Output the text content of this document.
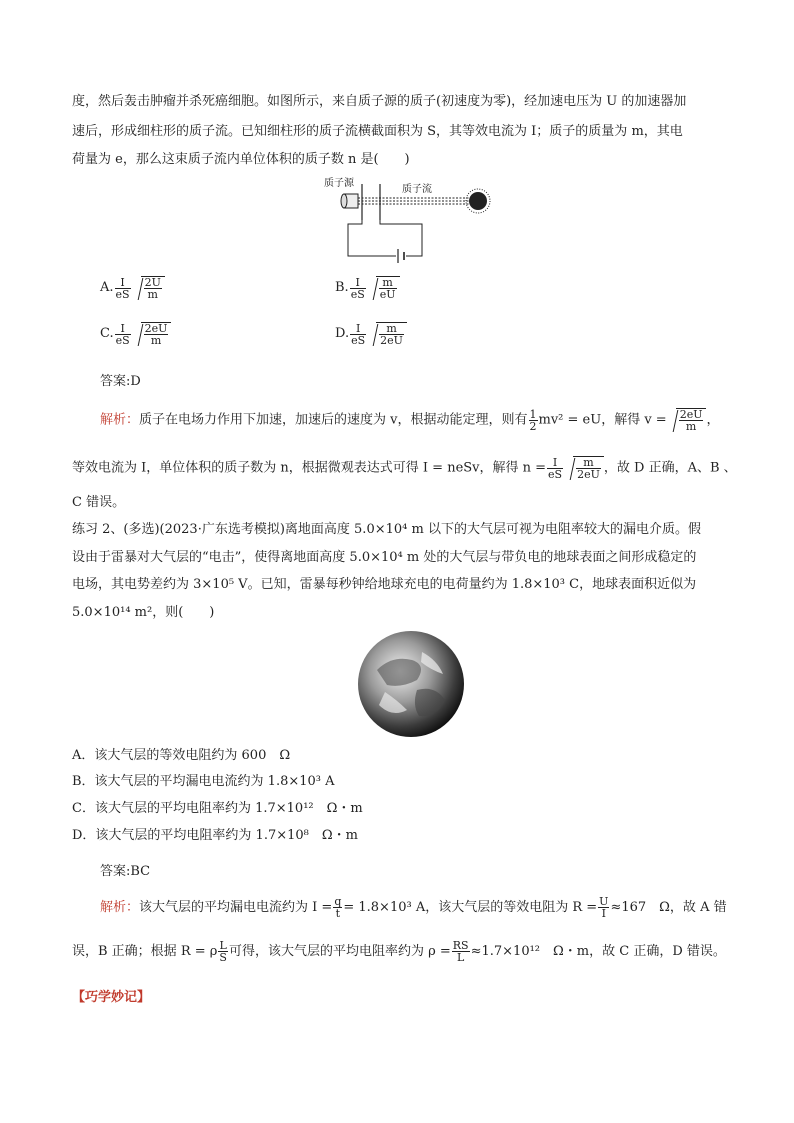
度，然后轰击肿瘤并杀死癌细胞。如图所示，来自质子源的质子(初速度为零)，经加速电压为 U 的加速器加
速后，形成细柱形的质子流。已知细柱形的质子流横截面积为 S，其等效电流为 I；质子的质量为 m，其电
荷量为 e，那么这束质子流内单位体积的质子数 n 是(　　)
质子源
质子流
A. $\frac{I}{eS} \frac{2U}{m}$	B. $\frac{I}{eS} \frac{m}{eU}$
C. $\frac{I}{eS} \frac{2eU}{m}$	D. $\frac{I}{eS} \frac{m}{2eU}$
答案:D
解析：质子在电场力作用下加速，加速后的速度为 v，根据动能定理，则有 $\frac{1}{2} mv^2$ = eU，解得 $v = \frac{2eU}{m}$ ，
等效电流为 I，单位体积的质子数为 n，根据微观表达式可得 I = neSv，解得 $n = \frac{I}{eS} \frac{m}{2eU}$ ，故 D 正确，A、B 、
C 错误。
练习 2、(多选)(2023·广东选考模拟)离地面高度 5.0×10⁴ m 以下的大气层可视为电阻率较大的漏电介质。假
设由于雷暴对大气层的“电击”，使得离地面高度 5.0×10⁴ m 处的大气层与带负电的地球表面之间形成稳定的
电场，其电势差约为 3×10⁵ V。已知，雷暴每秒钟给地球充电的电荷量约为 1.8×10³ C，地球表面积近似为
5.0×10¹⁴ m²，则(　　)
A．该大气层的等效电阻约为 600　Ω
B．该大气层的平均漏电电流约为 1.8×10³ A
C．该大气层的平均电阻率约为 1.7×10¹²　Ω・m
D．该大气层的平均电阻率约为 1.7×10⁸　Ω・m
答案:BC
解析：该大气层的平均漏电电流约为 $I = \frac{q}{t} = 1.8\times 10^3$ A，该大气层的等效电阻为 $R = \frac{U}{I} \approx 167$　Ω，故 A 错
误，B 正确；根据 R = ρ $\frac{L}{S}$ 可得，该大气层的平均电阻率约为 $\rho = \frac{RS}{L} \approx 1.7\times 10^{12}$　Ω・m，故 C 正确，D 错误。
【巧学妙记】
